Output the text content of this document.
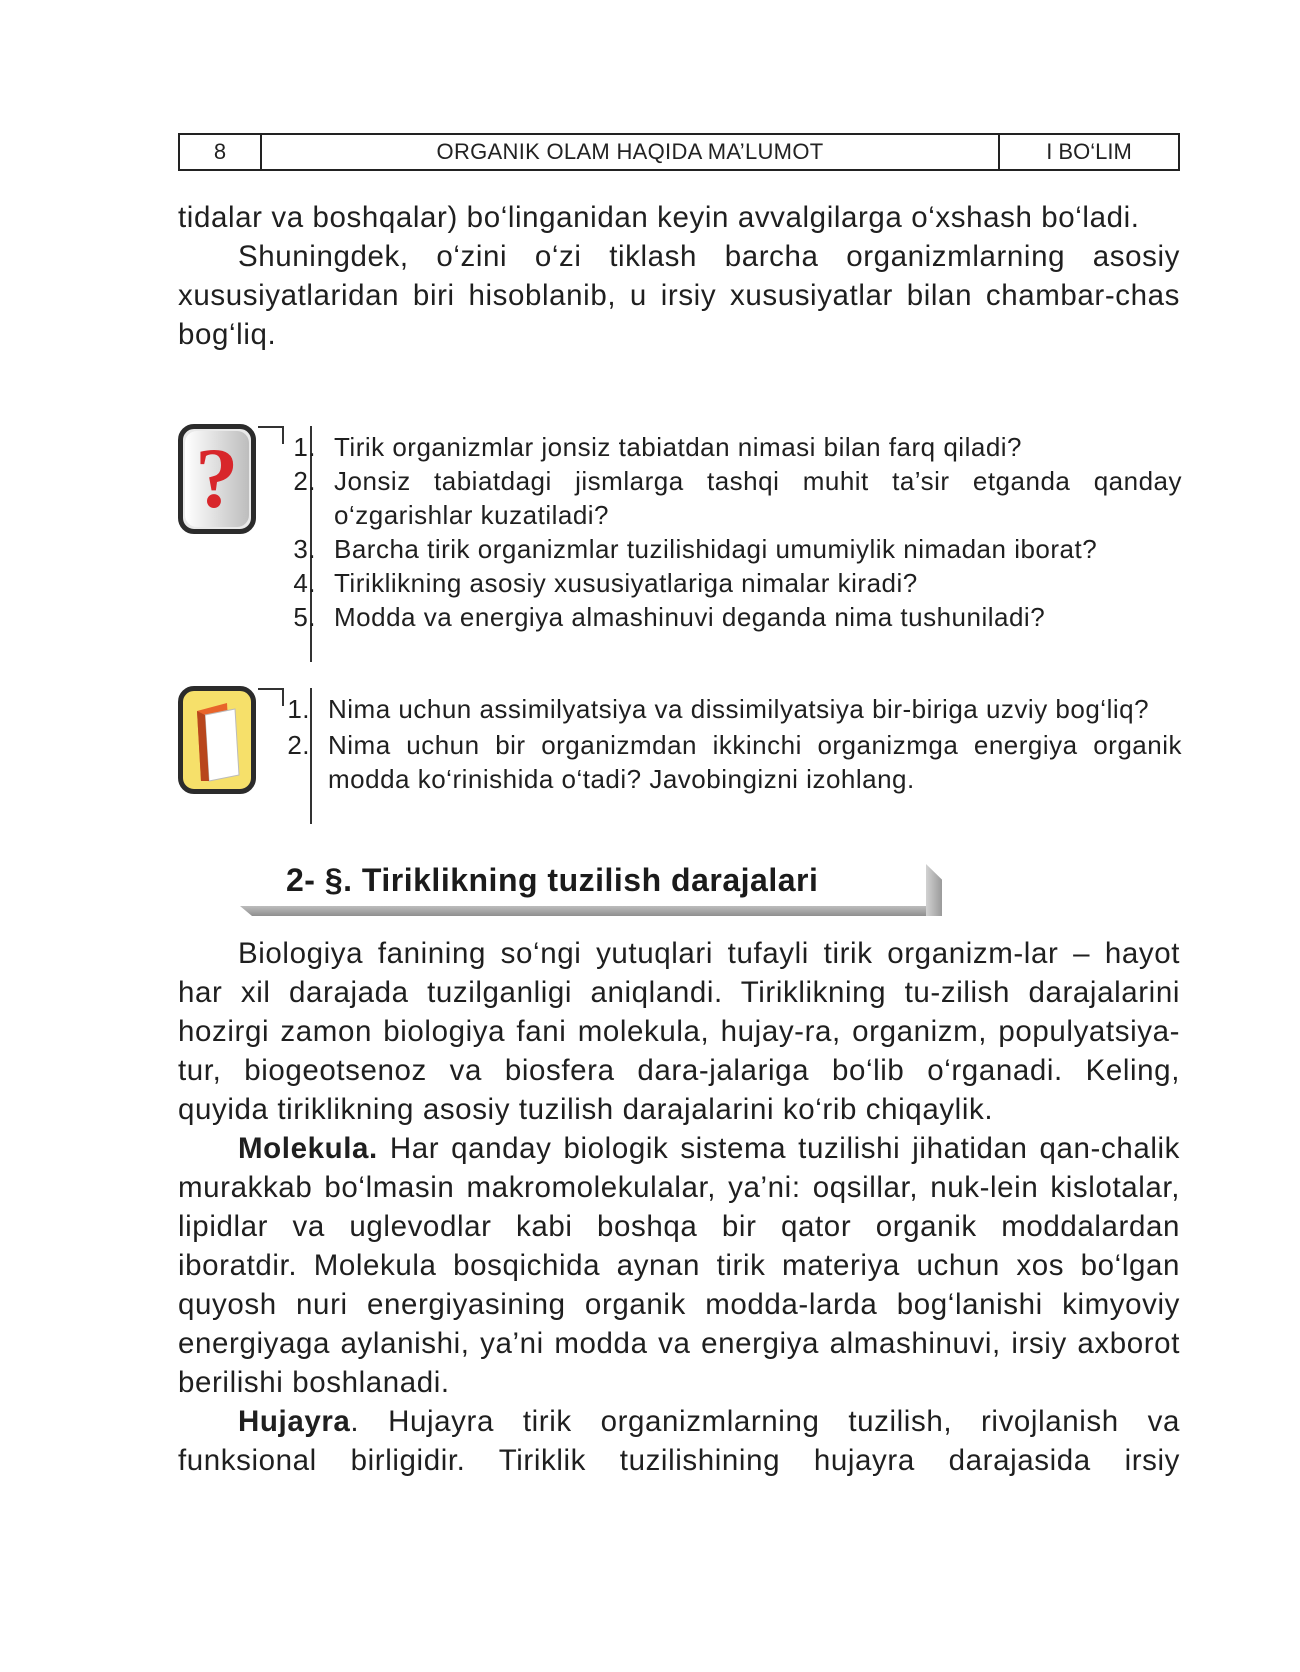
8	ORGANIK OLAM HAQIDA MA’LUMOT	I BO‘LIM

tidalar va boshqalar) bo‘linganidan keyin avvalgilarga o‘xshash bo‘ladi.

Shuningdek, o‘zini o‘zi tiklash barcha organizmlarning asosiy xususiyatlaridan biri hisoblanib, u irsiy xususiyatlar bilan chambar-chas bog‘liq.

?	1. Tirik organizmlar jonsiz tabiatdan nimasi bilan farq qiladi?
2. Jonsiz tabiatdagi jismlarga tashqi muhit ta’sir etganda qanday o‘zgarishlar kuzatiladi?
3. Barcha tirik organizmlar tuzilishidagi umumiylik nimadan iborat?
4. Tiriklikning asosiy xususiyatlariga nimalar kiradi?
5. Modda va energiya almashinuvi deganda nima tushuniladi?
1. Nima uchun assimilyatsiya va dissimilyatsiya bir-biriga uzviy bog‘liq?
2. Nima uchun bir organizmdan ikkinchi organizmga energiya organik modda ko‘rinishida o‘tadi? Javobingizni izohlang.
2- §. Tiriklikning tuzilish darajalari

Biologiya fanining so‘ngi yutuqlari tufayli tirik organizm-lar – hayot har xil darajada tuzilganligi aniqlandi. Tiriklikning tu-zilish darajalarini hozirgi zamon biologiya fani molekula, hujay-ra, organizm, populyatsiya-tur, biogeotsenoz va biosfera dara-jalariga bo‘lib o‘rganadi. Keling, quyida tiriklikning asosiy tuzilish darajalarini ko‘rib chiqaylik.

Molekula. Har qanday biologik sistema tuzilishi jihatidan qan-chalik murakkab bo‘lmasin makromolekulalar, ya’ni: oqsillar, nuk-lein kislotalar, lipidlar va uglevodlar kabi boshqa bir qator organik moddalardan iboratdir. Molekula bosqichida aynan tirik materiya uchun xos bo‘lgan quyosh nuri energiyasining organik modda-larda bog‘lanishi kimyoviy energiyaga aylanishi, ya’ni modda va energiya almashinuvi, irsiy axborot berilishi boshlanadi.

Hujayra. Hujayra tirik organizmlarning tuzilish, rivojlanish va funksional birligidir. Tiriklik tuzilishining hujayra darajasida irsiy
